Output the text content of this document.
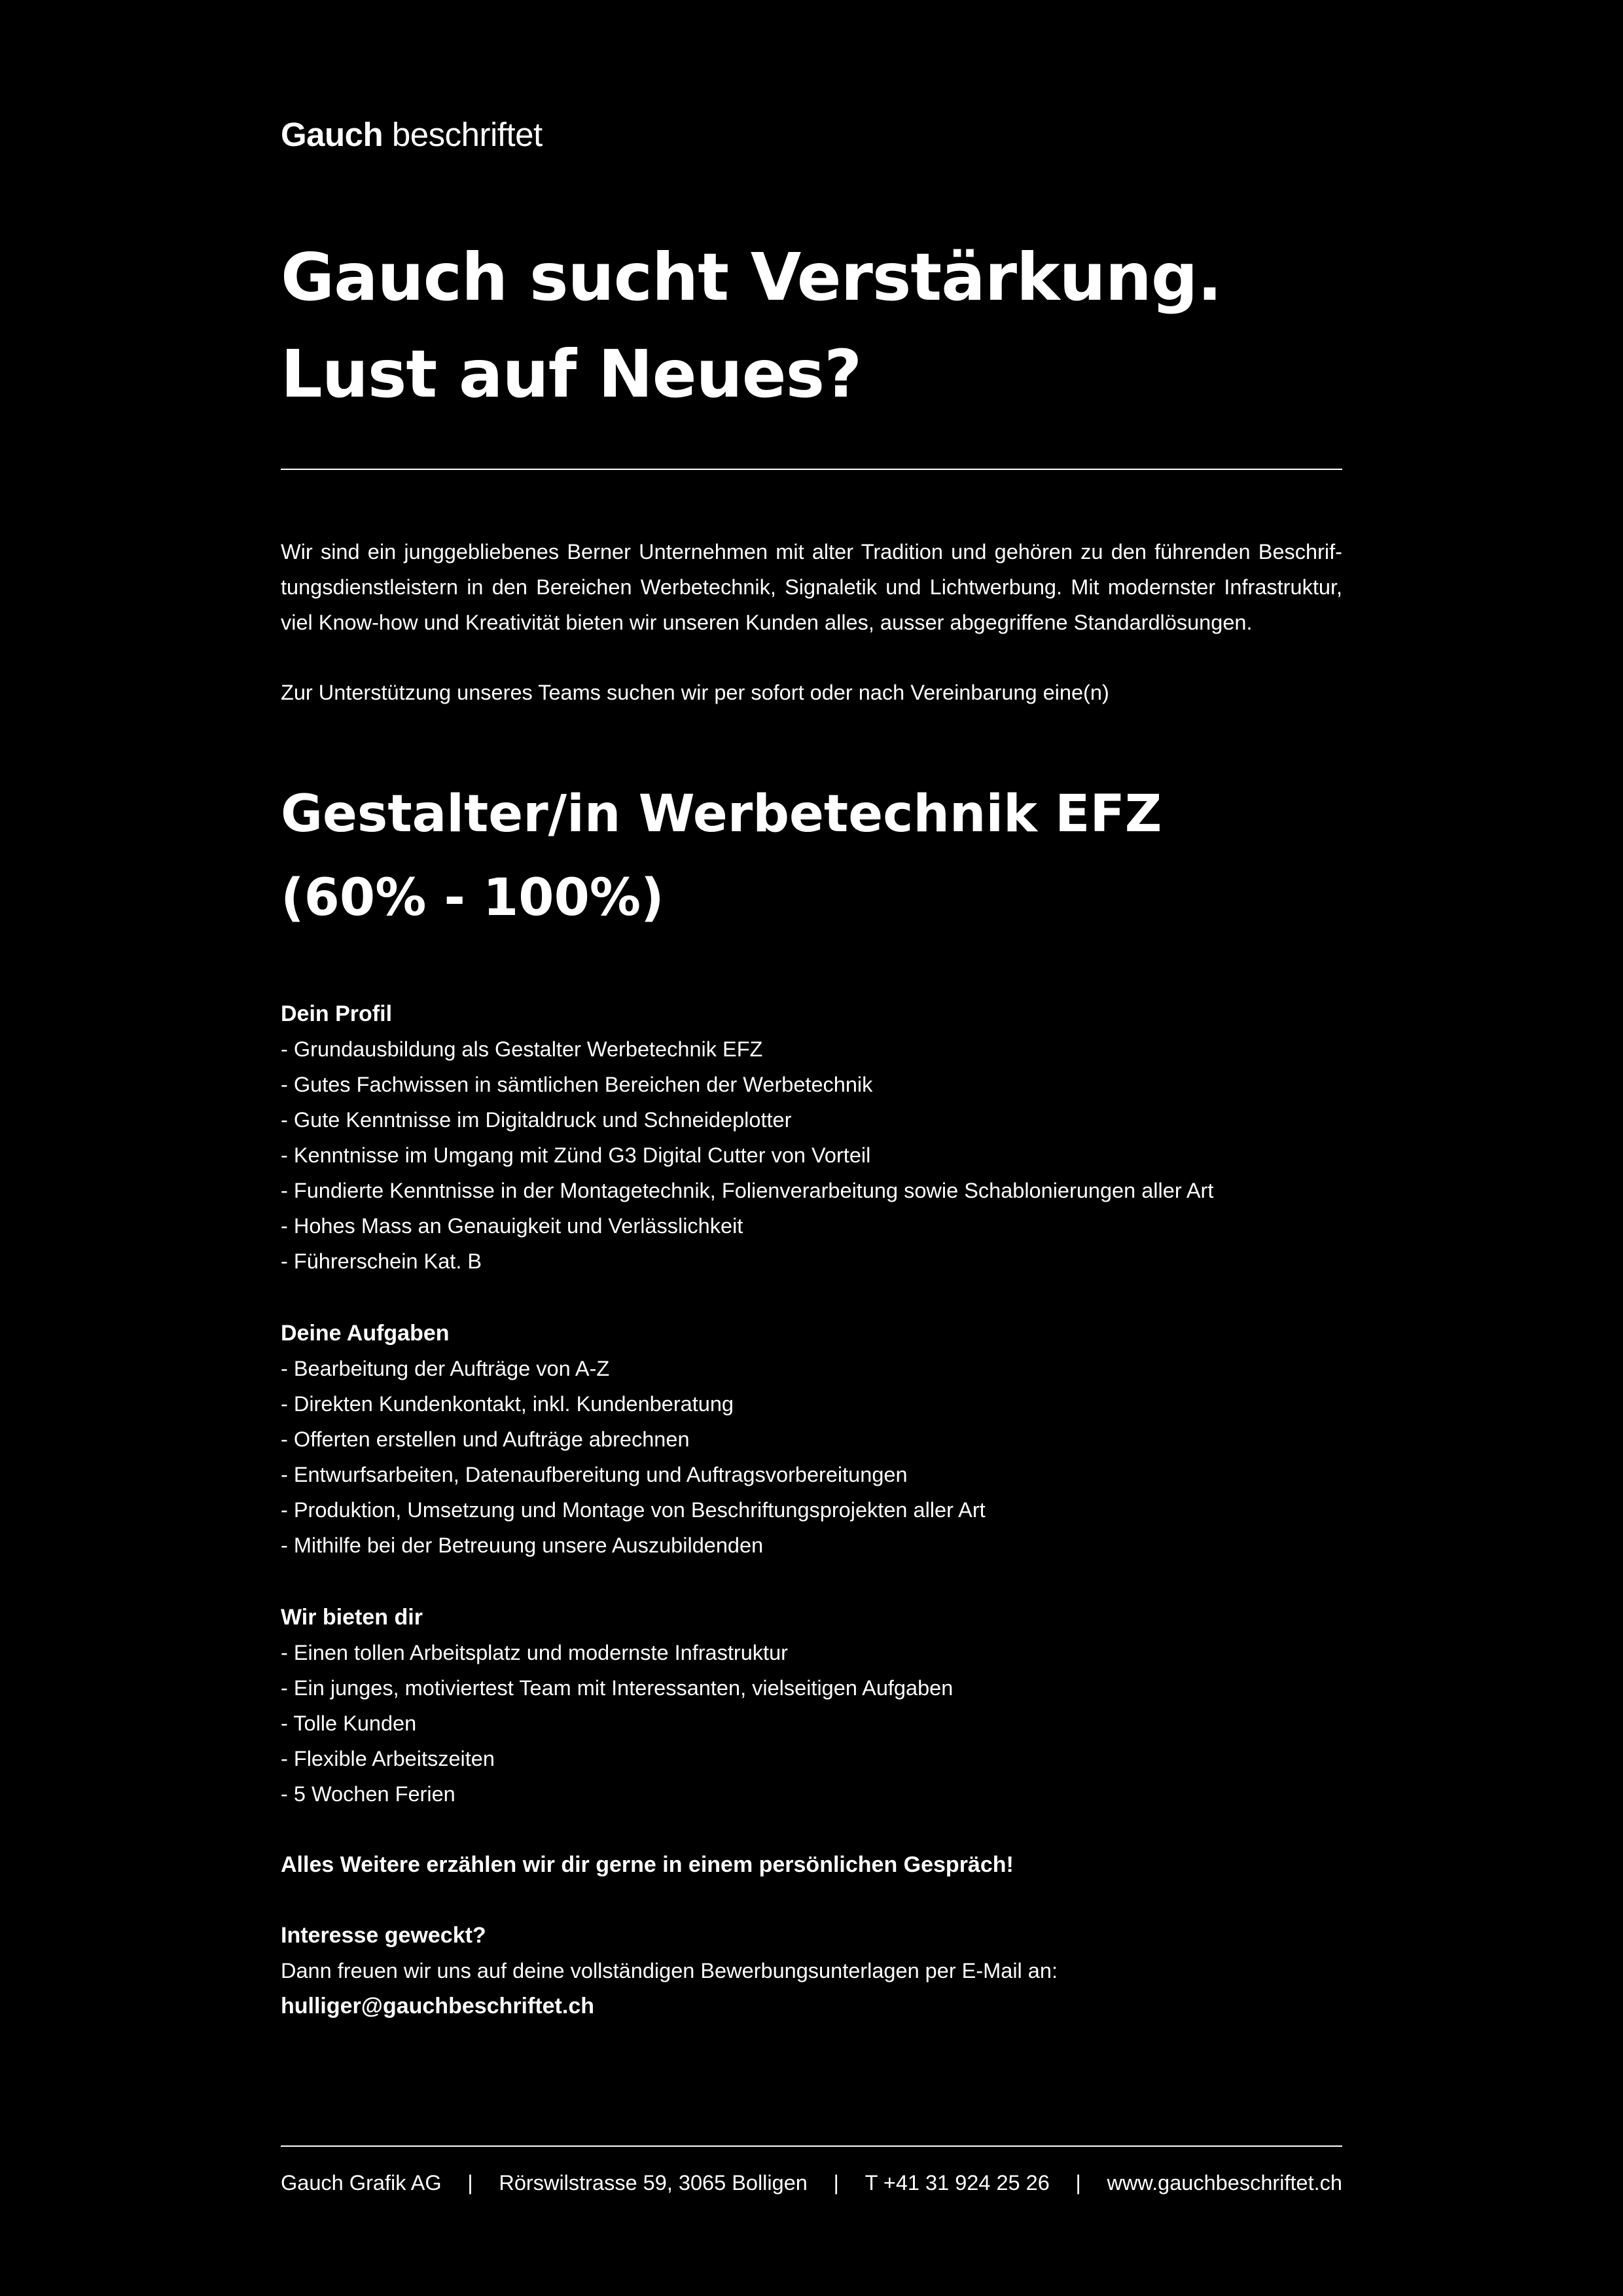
Gauch beschriftet
Gauch sucht Verstärkung.
Lust auf Neues?

Wir sind ein junggebliebenes Berner Unternehmen mit alter Tradition und gehören zu den führenden Beschriftungsdienstleistern in den Bereichen Werbetechnik, Signaletik und Lichtwerbung. Mit modernster Infrastruktur, viel Know-how und Kreativität bieten wir unseren Kunden alles, ausser abgegriffene Standardlösungen.

Zur Unterstützung unseres Teams suchen wir per sofort oder nach Vereinbarung eine(n)

Gestalter/in Werbetechnik EFZ
(60% - 100%)
Dein Profil
- Grundausbildung als Gestalter Werbetechnik EFZ
- Gutes Fachwissen in sämtlichen Bereichen der Werbetechnik
- Gute Kenntnisse im Digitaldruck und Schneideplotter
- Kenntnisse im Umgang mit Zünd G3 Digital Cutter von Vorteil
- Fundierte Kenntnisse in der Montagetechnik, Folienverarbeitung sowie Schablonierungen aller Art
- Hohes Mass an Genauigkeit und Verlässlichkeit
- Führerschein Kat. B
Deine Aufgaben
- Bearbeitung der Aufträge von A-Z
- Direkten Kundenkontakt, inkl. Kundenberatung
- Offerten erstellen und Aufträge abrechnen
- Entwurfsarbeiten, Datenaufbereitung und Auftragsvorbereitungen
- Produktion, Umsetzung und Montage von Beschriftungsprojekten aller Art
- Mithilfe bei der Betreuung unsere Auszubildenden
Wir bieten dir
- Einen tollen Arbeitsplatz und modernste Infrastruktur
- Ein junges, motiviertest Team mit Interessanten, vielseitigen Aufgaben
- Tolle Kunden
- Flexible Arbeitszeiten
- 5 Wochen Ferien

Alles Weitere erzählen wir dir gerne in einem persönlichen Gespräch!

Interesse geweckt?
Dann freuen wir uns auf deine vollständigen Bewerbungsunterlagen per E-Mail an:
hulliger@gauchbeschriftet.ch
Gauch Grafik AG | Rörswilstrasse 59, 3065 Bolligen | T +41 31 924 25 26 | www.gauchbeschriftet.ch
